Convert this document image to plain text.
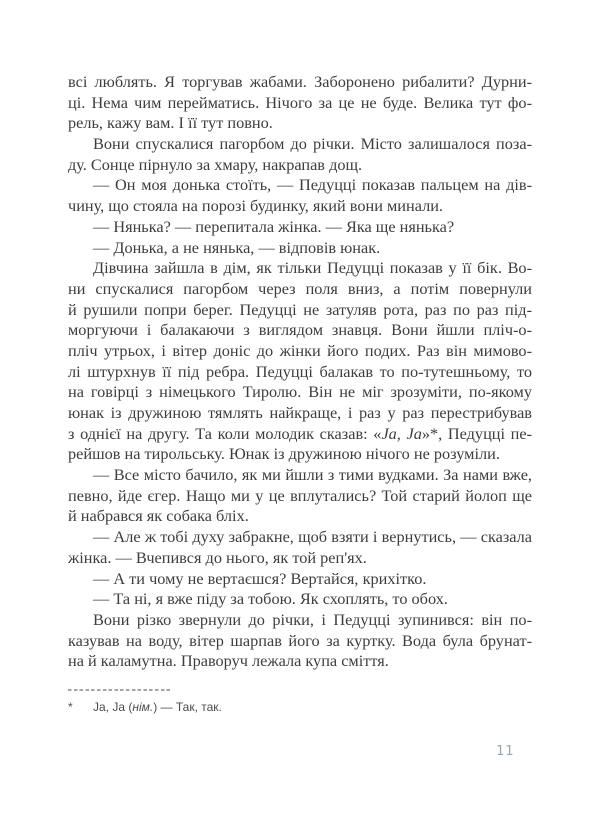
всі люблять. Я торгував жабами. Заборонено рибалити? Дурни-
ці. Нема чим перейматись. Нічого за це не буде. Велика тут фо-
рель, кажу вам. І її тут повно.
Вони спускалися пагорбом до річки. Місто залишалося поза-
ду. Сонце пірнуло за хмару, накрапав дощ.
— Он моя донька стоїть, — Педуцці показав пальцем на дів-
чину, що стояла на порозі будинку, який вони минали.
— Нянька? — перепитала жінка. — Яка ще нянька?
— Донька, а не нянька, — відповів юнак.
Дівчина зайшла в дім, як тільки Педуцці показав у її бік. Во-
ни спускалися пагорбом через поля вниз, а потім повернули
й рушили попри берег. Педуцці не затуляв рота, раз по раз під-
моргуючи і балакаючи з виглядом знавця. Вони йшли пліч-о-
пліч утрьох, і вітер доніс до жінки його подих. Раз він мимово-
лі штурхнув її під ребра. Педуцці балакав то по-тутешньому, то
на говірці з німецького Тиролю. Він не міг зрозуміти, по-якому
юнак із дружиною тямлять найкраще, і раз у раз перестрибував
з однієї на другу. Та коли молодик сказав: «Ja, Ja»*, Педуцці пе-
рейшов на тирольську. Юнак із дружиною нічого не розуміли.
— Все місто бачило, як ми йшли з тими вудками. За нами вже,
певно, йде єгер. Нащо ми у це вплутались? Той старий йолоп ще
й набрався як собака бліх.
— Але ж тобі духу забракне, щоб взяти і вернутись, — сказала
жінка. — Вчепився до нього, як той реп'ях.
— А ти чому не вертаєшся? Вертайся, крихітко.
— Та ні, я вже піду за тобою. Як схоплять, то обох.
Вони різко звернули до річки, і Педуцці зупинився: він по-
казував на воду, вітер шарпав його за куртку. Вода була брунат-
на й каламутна. Праворуч лежала купа сміття.
* Ja, Ja (нім.) — Так, так.
11
